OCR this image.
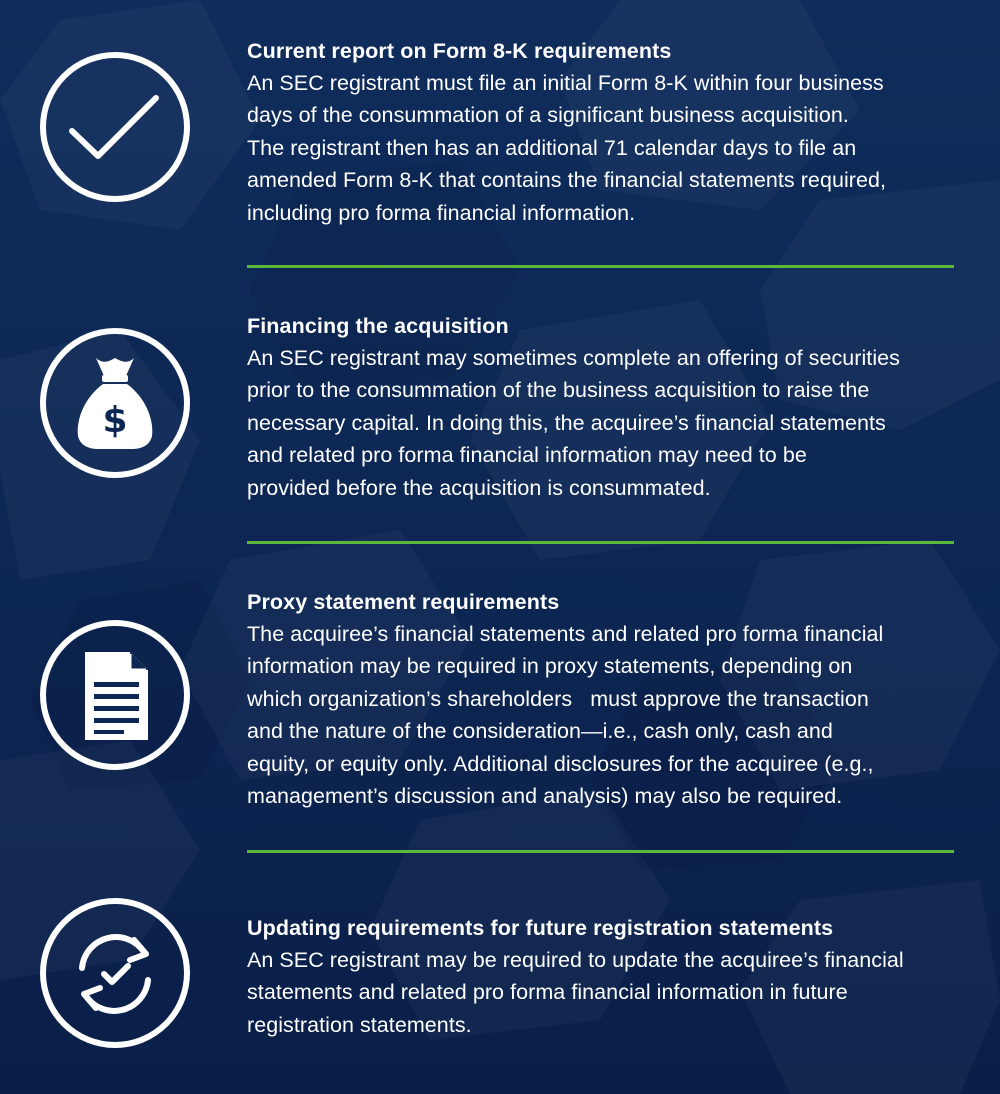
Current report on Form 8-K requirements

An SEC registrant must file an initial Form 8-K within four business
days of the consummation of a significant business acquisition.
The registrant then has an additional 71 calendar days to file an
amended Form 8-K that contains the financial statements required,
including pro forma financial information.

$

Financing the acquisition

An SEC registrant may sometimes complete an offering of securities
prior to the consummation of the business acquisition to raise the
necessary capital. In doing this, the acquiree’s financial statements
and related pro forma financial information may need to be
provided before the acquisition is consummated.

Proxy statement requirements

The acquiree’s financial statements and related pro forma financial
information may be required in proxy statements, depending on
which organization’s shareholders   must approve the transaction
and the nature of the consideration—i.e., cash only, cash and
equity, or equity only. Additional disclosures for the acquiree (e.g.,
management’s discussion and analysis) may also be required.

Updating requirements for future registration statements

An SEC registrant may be required to update the acquiree’s financial
statements and related pro forma financial information in future
registration statements.
